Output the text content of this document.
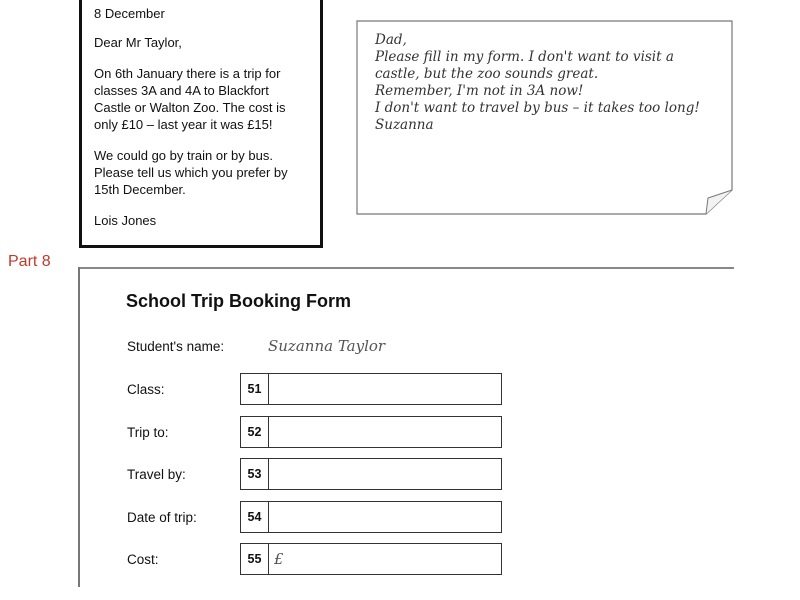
8 December

Dear Mr Taylor,

On 6th January there is a trip for classes 3A and 4A to Blackfort Castle or Walton Zoo. The cost is only £10 – last year it was £15!

We could go by train or by bus. Please tell us which you prefer by 15th December.

Lois Jones

Dad,

Please fill in my form. I don't want to visit a castle, but the zoo sounds great.

Remember, I'm not in 3A now!

I don't want to travel by bus – it takes too long!

Suzanna

Part 8
School Trip Booking Form
Student's name:	Suzanna Taylor
Class:	51
Trip to:	52
Travel by:	53
Date of trip:	54
Cost:	55 £
